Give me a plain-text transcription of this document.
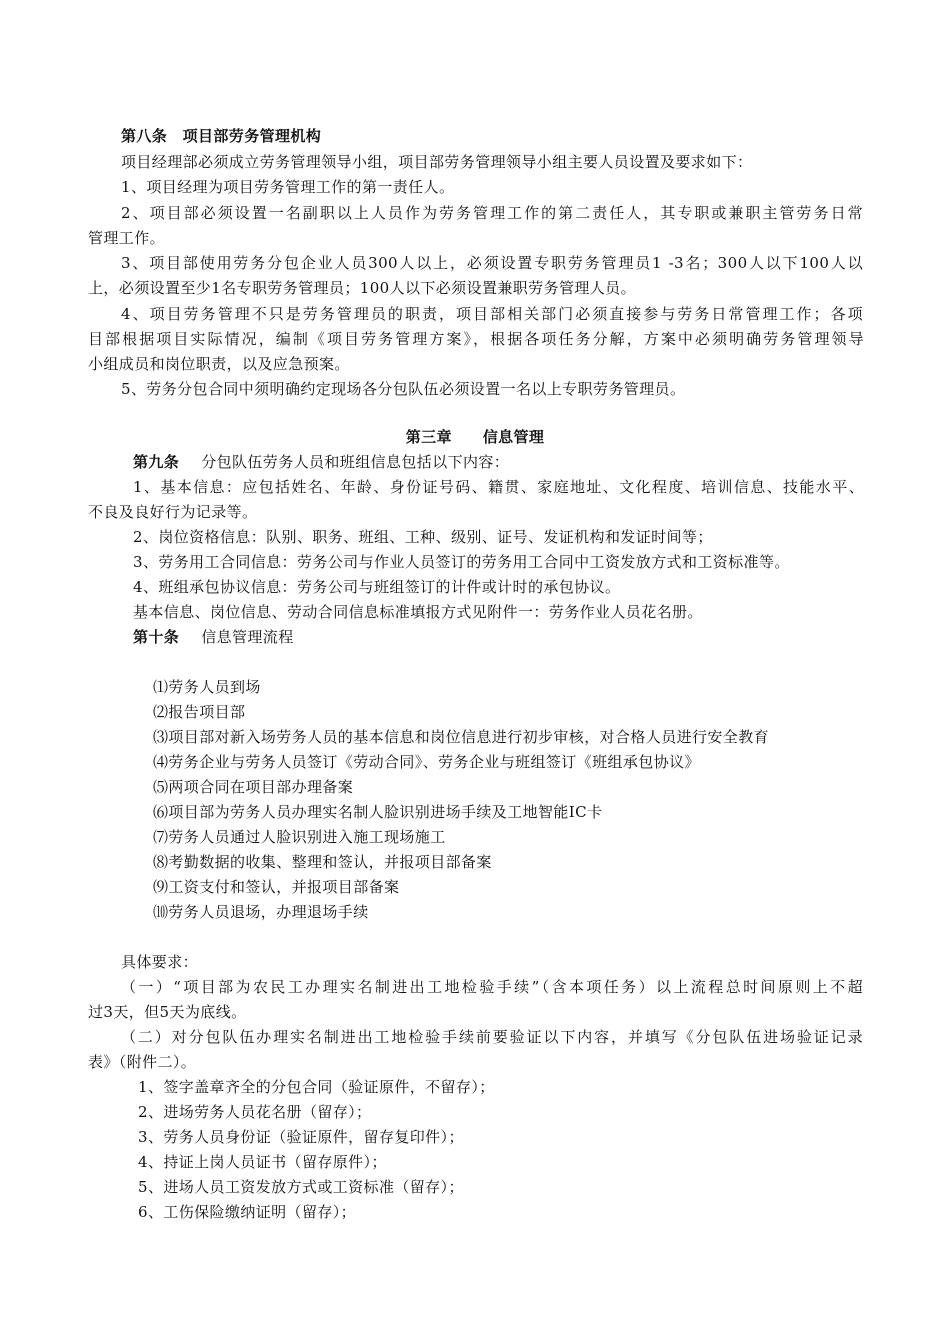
第八条　项目部劳务管理机构
项目经理部必须成立劳务管理领导小组，项目部劳务管理领导小组主要人员设置及要求如下：
1、项目经理为项目劳务管理工作的第一责任人。
2、项目部必须设置一名副职以上人员作为劳务管理工作的第二责任人，其专职或兼职主管劳务日常
管理工作。
3、项目部使用劳务分包企业人员300人以上，必须设置专职劳务管理员1 -3名；300人以下100人以
上，必须设置至少1名专职劳务管理员；100人以下必须设置兼职劳务管理人员。
4、项目劳务管理不只是劳务管理员的职责，项目部相关部门必须直接参与劳务日常管理工作；各项
目部根据项目实际情况，编制《项目劳务管理方案》，根据各项任务分解，方案中必须明确劳务管理领导
小组成员和岗位职责，以及应急预案。
5、劳务分包合同中须明确约定现场各分包队伍必须设置一名以上专职劳务管理员。
第三章　　信息管理
第九条 分包队伍劳务人员和班组信息包括以下内容：
1、基本信息：应包括姓名、年龄、身份证号码、籍贯、家庭地址、文化程度、培训信息、技能水平、
不良及良好行为记录等。
2、岗位资格信息：队别、职务、班组、工种、级别、证号、发证机构和发证时间等；
3、劳务用工合同信息：劳务公司与作业人员签订的劳务用工合同中工资发放方式和工资标准等。
4、班组承包协议信息：劳务公司与班组签订的计件或计时的承包协议。
基本信息、岗位信息、劳动合同信息标准填报方式见附件一：劳务作业人员花名册。
第十条 信息管理流程
⑴劳务人员到场
⑵报告项目部
⑶项目部对新入场劳务人员的基本信息和岗位信息进行初步审核，对合格人员进行安全教育
⑷劳务企业与劳务人员签订《劳动合同》、劳务企业与班组签订《班组承包协议》
⑸两项合同在项目部办理备案
⑹项目部为劳务人员办理实名制人脸识别进场手续及工地智能IC卡
⑺劳务人员通过人脸识别进入施工现场施工
⑻考勤数据的收集、整理和签认，并报项目部备案
⑼工资支付和签认，并报项目部备案
⑽劳务人员退场，办理退场手续
具体要求：
（一）“项目部为农民工办理实名制进出工地检验手续”（含本项任务）以上流程总时间原则上不超
过3天，但5天为底线。
（二）对分包队伍办理实名制进出工地检验手续前要验证以下内容，并填写《分包队伍进场验证记录
表》（附件二）。
1、签字盖章齐全的分包合同（验证原件，不留存）；
2、进场劳务人员花名册（留存）；
3、劳务人员身份证（验证原件，留存复印件）；
4、持证上岗人员证书（留存原件）；
5、进场人员工资发放方式或工资标准（留存）；
6、工伤保险缴纳证明（留存）；
